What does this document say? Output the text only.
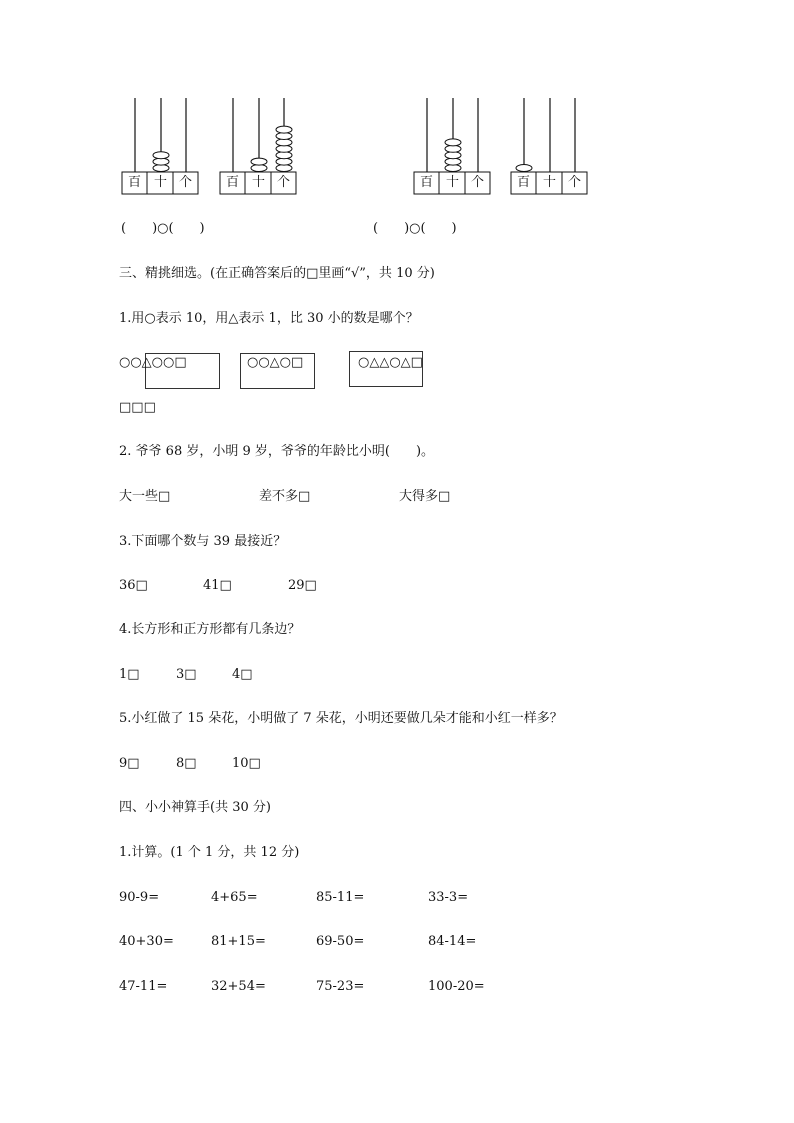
百 十 个	百 十 个	百 十 个	百 十 个
(　　)○(　　)	(　　)○(　　)
三、精挑细选。(在正确答案后的□里画“√”，共 10 分)
1.用○表示 10，用△表示 1，比 30 小的数是哪个？
○○△○○□	○○△○□	○△△○△□
□□□
2. 爷爷 68 岁，小明 9 岁，爷爷的年龄比小明(　　)。
大一些□	差不多□	大得多□
3.下面哪个数与 39 最接近？
36□	41□	29□
4.长方形和正方形都有几条边？
1□	3□	4□
5.小红做了 15 朵花，小明做了 7 朵花，小明还要做几朵才能和小红一样多？
9□	8□	10□
四、小小神算手(共 30 分)
1.计算。(1 个 1 分，共 12 分)
90-9=	4+65=	85-11=	33-3=
40+30=	81+15=	69-50=	84-14=
47-11=	32+54=	75-23=	100-20=
